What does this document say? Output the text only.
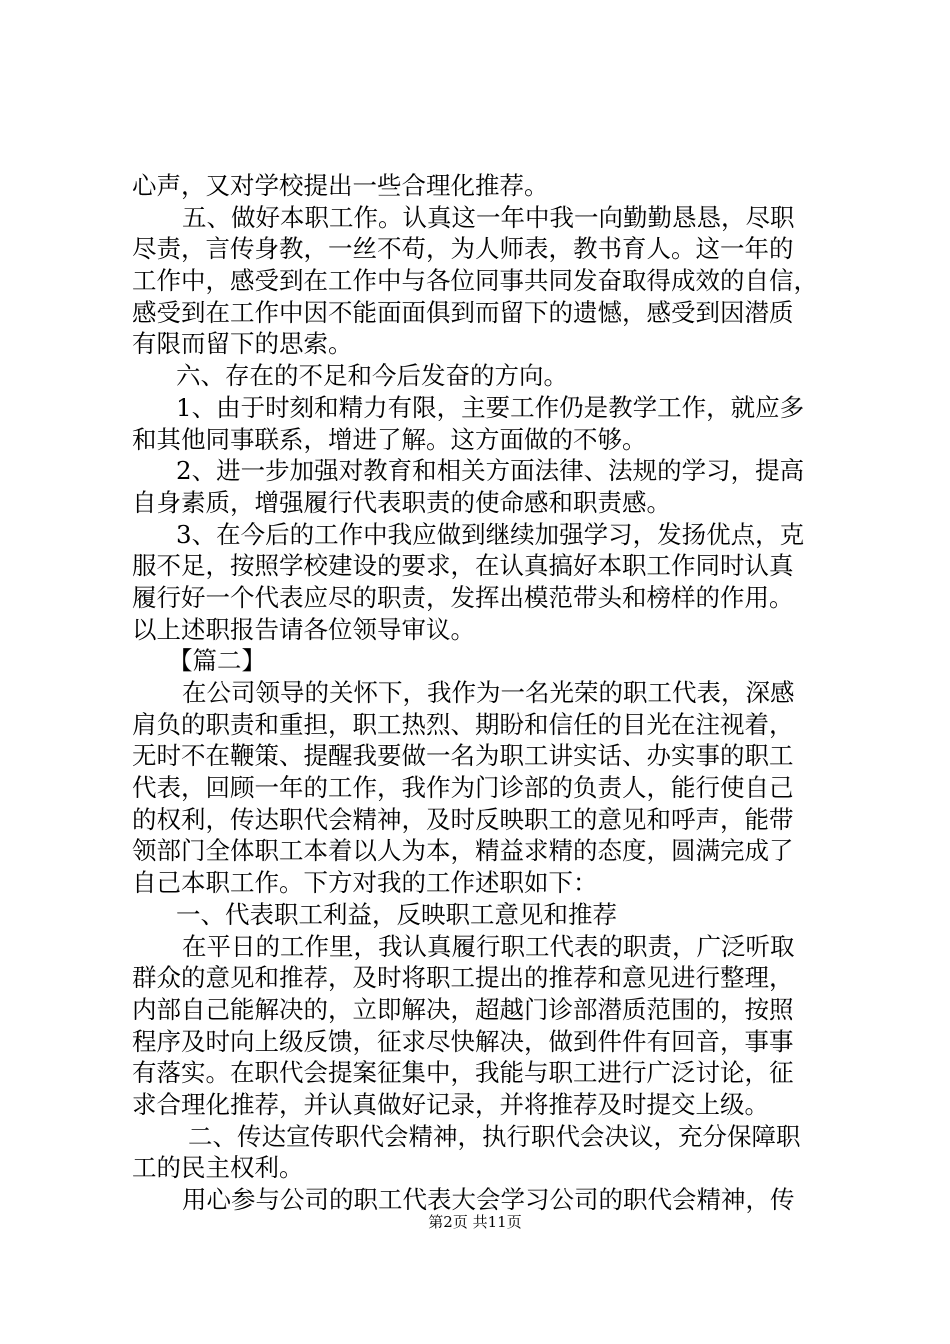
心声，又对学校提出一些合理化推荐。
五、做好本职工作。认真这一年中我一向勤勤恳恳，尽职
尽责，言传身教，一丝不苟，为人师表，教书育人。这一年的
工作中，感受到在工作中与各位同事共同发奋取得成效的自信，
感受到在工作中因不能面面俱到而留下的遗憾，感受到因潜质
有限而留下的思索。
六、存在的不足和今后发奋的方向。
1、由于时刻和精力有限，主要工作仍是教学工作，就应多
和其他同事联系，增进了解。这方面做的不够。
2、进一步加强对教育和相关方面法律、法规的学习，提高
自身素质，增强履行代表职责的使命感和职责感。
3、在今后的工作中我应做到继续加强学习，发扬优点，克
服不足，按照学校建设的要求，在认真搞好本职工作同时认真
履行好一个代表应尽的职责，发挥出模范带头和榜样的作用。
以上述职报告请各位领导审议。
【篇二】
在公司领导的关怀下，我作为一名光荣的职工代表，深感
肩负的职责和重担，职工热烈、期盼和信任的目光在注视着，
无时不在鞭策、提醒我要做一名为职工讲实话、办实事的职工
代表，回顾一年的工作，我作为门诊部的负责人，能行使自己
的权利，传达职代会精神，及时反映职工的意见和呼声，能带
领部门全体职工本着以人为本，精益求精的态度，圆满完成了
自己本职工作。下方对我的工作述职如下：
一、代表职工利益，反映职工意见和推荐
在平日的工作里，我认真履行职工代表的职责，广泛听取
群众的意见和推荐，及时将职工提出的推荐和意见进行整理，
内部自己能解决的，立即解决，超越门诊部潜质范围的，按照
程序及时向上级反馈，征求尽快解决，做到件件有回音，事事
有落实。在职代会提案征集中，我能与职工进行广泛讨论，征
求合理化推荐，并认真做好记录，并将推荐及时提交上级。
二、传达宣传职代会精神，执行职代会决议，充分保障职
工的民主权利。
用心参与公司的职工代表大会学习公司的职代会精神，传
第2页 共11页
